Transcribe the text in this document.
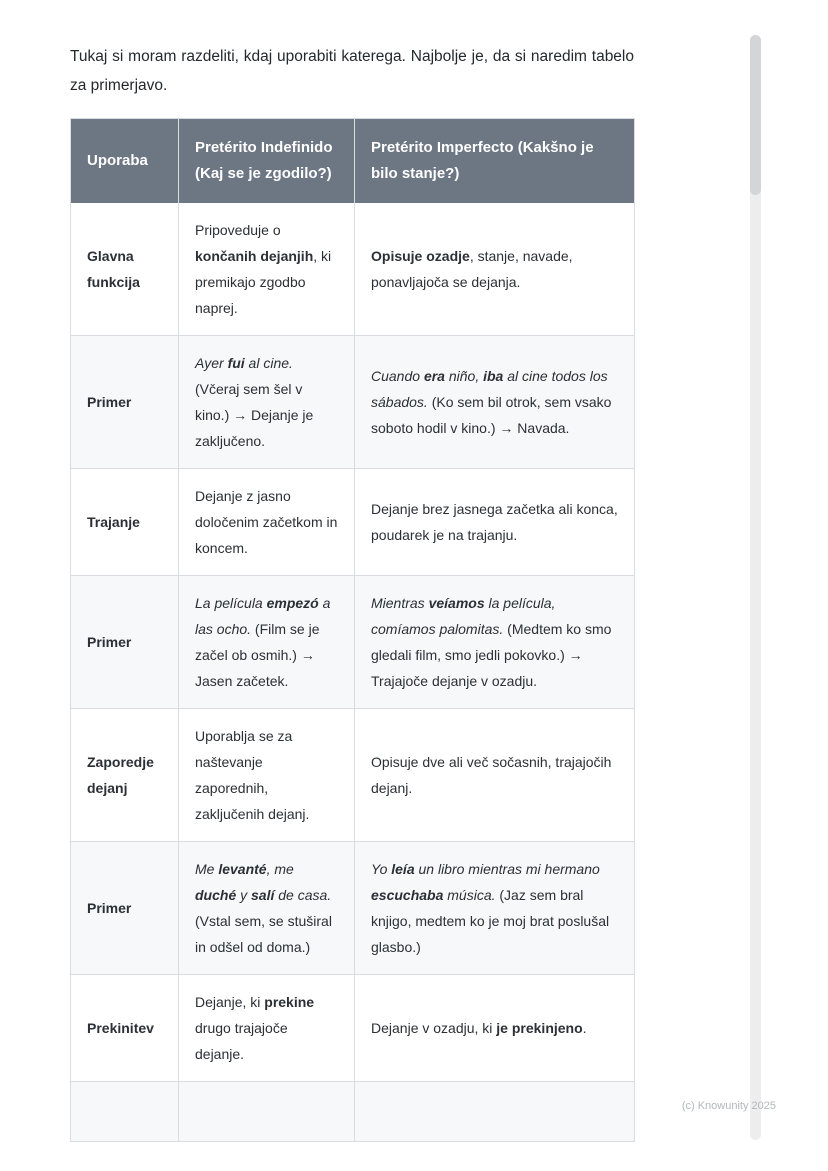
Tukaj si moram razdeliti, kdaj uporabiti katerega. Najbolje je, da si naredim tabelo za primerjavo.

Uporaba	Pretérito Indefinido (Kaj se je zgodilo?)	Pretérito Imperfecto (Kakšno je bilo stanje?)
Glavna funkcija	Pripoveduje o končanih dejanjih, ki premikajo zgodbo naprej.	Opisuje ozadje, stanje, navade, ponavljajoča se dejanja.
Primer	Ayer fui al cine. (Včeraj sem šel v kino.) → Dejanje je zaključeno.	Cuando era niño, iba al cine todos los sábados. (Ko sem bil otrok, sem vsako soboto hodil v kino.) → Navada.
Trajanje	Dejanje z jasno določenim začetkom in koncem.	Dejanje brez jasnega začetka ali konca, poudarek je na trajanju.
Primer	La película empezó a las ocho. (Film se je začel ob osmih.) → Jasen začetek.	Mientras veíamos la película, comíamos palomitas. (Medtem ko smo gledali film, smo jedli pokovko.) → Trajajoče dejanje v ozadju.
Zaporedje dejanj	Uporablja se za naštevanje zaporednih, zaključenih dejanj.	Opisuje dve ali več sočasnih, trajajočih dejanj.
Primer	Me levanté, me duché y salí de casa. (Vstal sem, se stuširal in odšel od doma.)	Yo leía un libro mientras mi hermano escuchaba música. (Jaz sem bral knjigo, medtem ko je moj brat poslušal glasbo.)
Prekinitev	Dejanje, ki prekine drugo trajajoče dejanje.	Dejanje v ozadju, ki je prekinjeno.

(c) Knowunity 2025
